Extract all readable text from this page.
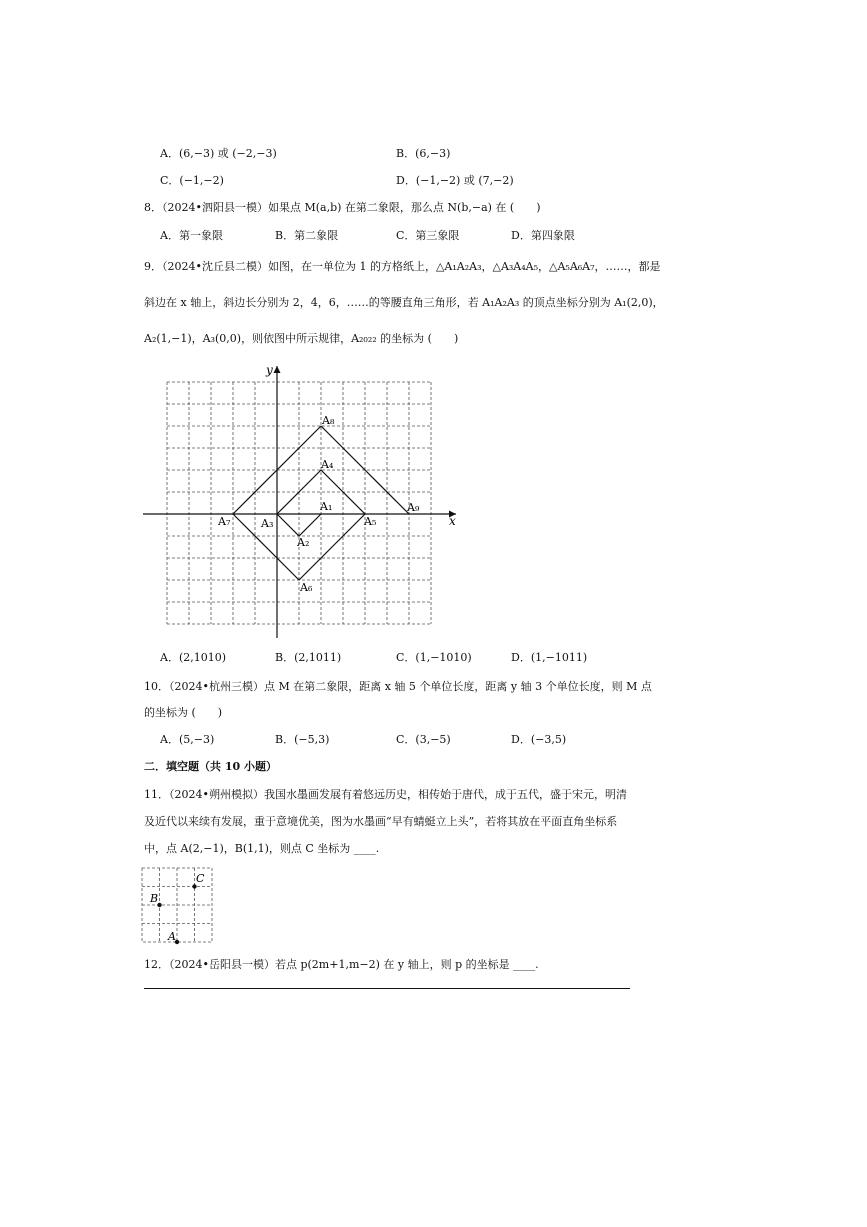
A．(6,−3) 或 (−2,−3)	B．(6,−3)
C．(−1,−2)	D．(−1,−2) 或 (7,−2)
8．（2024•泗阳县一模）如果点 M(a,b) 在第二象限，那么点 N(b,−a) 在 (　　)
A．第一象限	B．第二象限	C．第三象限	D．第四象限
9．（2024•沈丘县二模）如图，在一单位为 1 的方格纸上，△A₁A₂A₃，△A₃A₄A₅，△A₅A₆A₇，……，都是
斜边在 x 轴上，斜边长分别为 2，4，6，……的等腰直角三角形，若 A₁A₂A₃ 的顶点坐标分别为 A₁(2,0)，
A₂(1,−1)，A₃(0,0)，则依图中所示规律，A₂₀₂₂ 的坐标为 (　　)
y
x
A₈
A₄
A₁	A₉
A₇	A₃	A₅
A₂
A₆
A．(2,1010)	B．(2,1011)	C．(1,−1010)	D．(1,−1011)
10．（2024•杭州三模）点 M 在第二象限，距离 x 轴 5 个单位长度，距离 y 轴 3 个单位长度，则 M 点
的坐标为 (　　)
A．(5,−3)	B．(−5,3)	C．(3,−5)	D．(−3,5)
二．填空题（共 10 小题）
11．（2024•朔州模拟）我国水墨画发展有着悠远历史，相传始于唐代，成于五代，盛于宋元，明清
及近代以来续有发展，重于意境优美，图为水墨画“早有蜻蜓立上头”，若将其放在平面直角坐标系
中，点 A(2,−1)，B(1,1)，则点 C 坐标为 ____.
C
B
A
12．（2024•岳阳县一模）若点 p(2m+1,m−2) 在 y 轴上，则 p 的坐标是 ____.
